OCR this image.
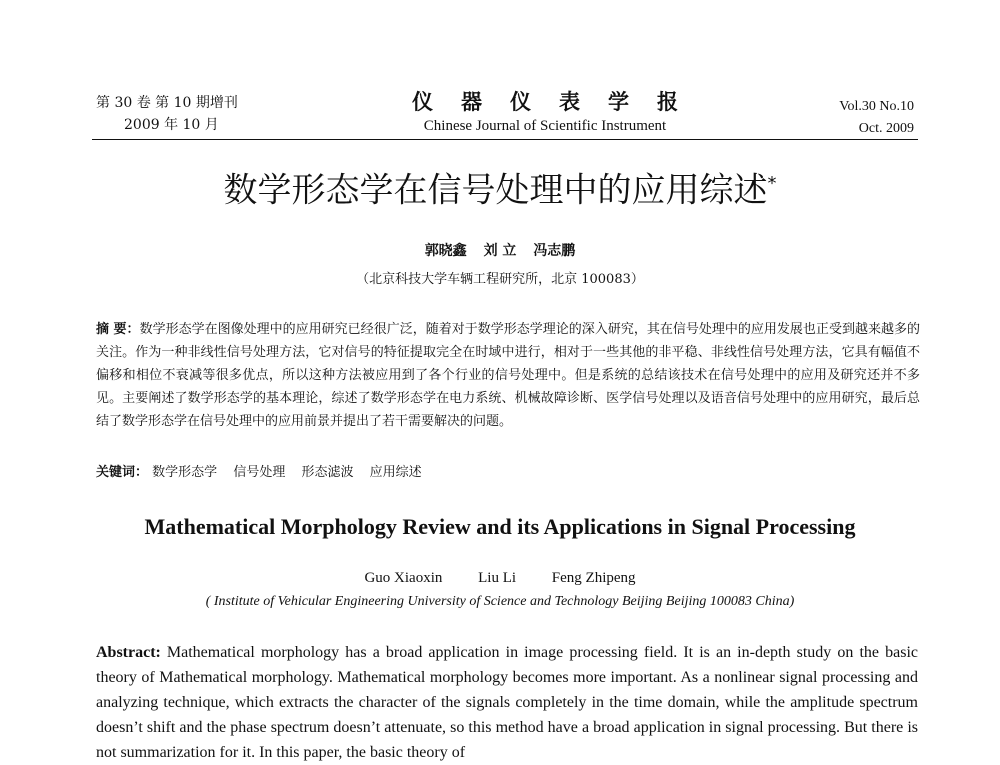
第 30 卷 第 10 期增刊
2009 年 10 月
仪器仪表学报
Chinese Journal of Scientific Instrument
Vol.30 No.10
Oct. 2009
数学形态学在信号处理中的应用综述*
郭晓鑫 刘 立 冯志鹏
（北京科技大学车辆工程研究所，北京 100083）
摘 要：数学形态学在图像处理中的应用研究已经很广泛，随着对于数学形态学理论的深入研究，其在信号处理中的应用发展也正受到越来越多的关注。作为一种非线性信号处理方法，它对信号的特征提取完全在时域中进行，相对于一些其他的非平稳、非线性信号处理方法，它具有幅值不偏移和相位不衰减等很多优点，所以这种方法被应用到了各个行业的信号处理中。但是系统的总结该技术在信号处理中的应用及研究还并不多见。主要阐述了数学形态学的基本理论，综述了数学形态学在电力系统、机械故障诊断、医学信号处理以及语音信号处理中的应用研究，最后总结了数学形态学在信号处理中的应用前景并提出了若干需要解决的问题。
关键词： 数学形态学 信号处理 形态滤波 应用综述
Mathematical Morphology Review and its Applications in Signal Processing
Guo Xiaoxin Liu Li Feng Zhipeng
( Institute of Vehicular Engineering University of Science and Technology Beijing Beijing 100083 China)
Abstract: Mathematical morphology has a broad application in image processing field. It is an in-depth study on the basic theory of Mathematical morphology. Mathematical morphology becomes more important. As a nonlinear signal processing and analyzing technique, which extracts the character of the signals completely in the time domain, while the amplitude spectrum doesn’t shift and the phase spectrum doesn’t attenuate, so this method have a broad application in signal processing. But there is not summarization for it. In this paper, the basic theory of
